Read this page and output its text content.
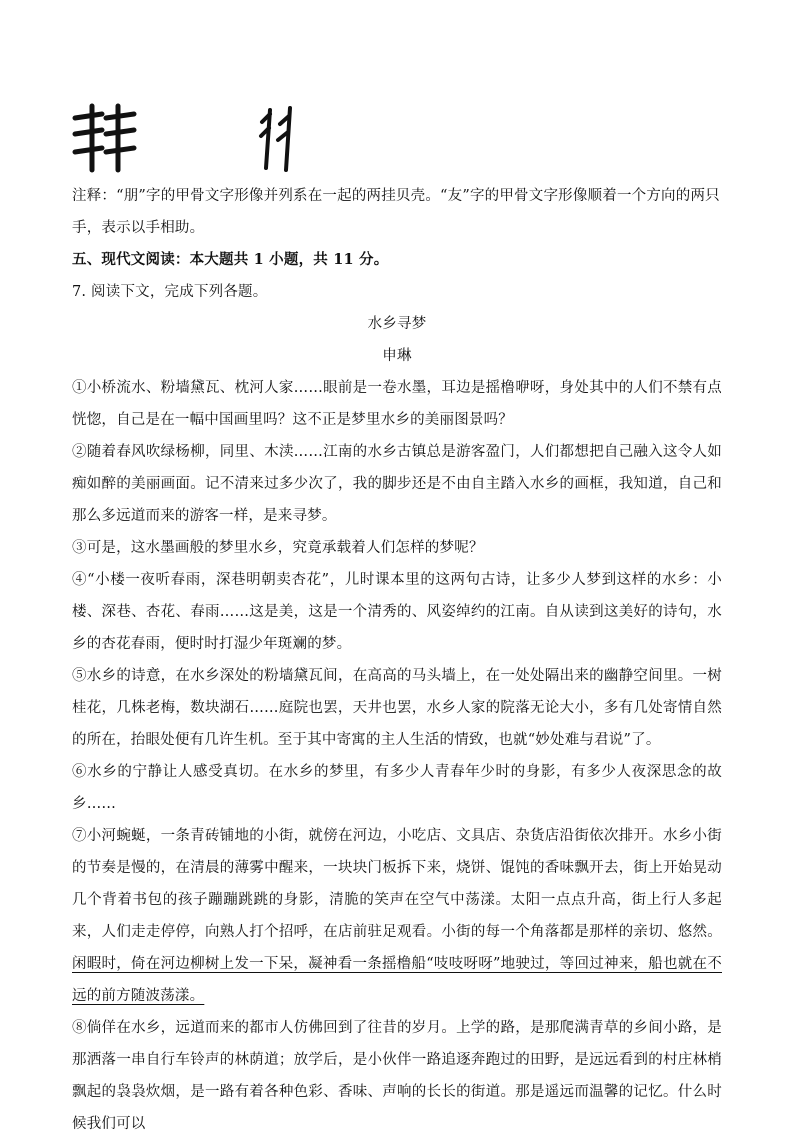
注释：“朋”字的甲骨文字形像并列系在一起的两挂贝壳。“友”字的甲骨文字形像顺着一个方向的两只
手，表示以手相助。
五、现代文阅读：本大题共 1 小题，共 11 分。
7. 阅读下文，完成下列各题。
水乡寻梦
申琳
①小桥流水、粉墙黛瓦、枕河人家……眼前是一卷水墨，耳边是摇橹咿呀，身处其中的人们不禁有点恍惚，自己是在一幅中国画里吗？这不正是梦里水乡的美丽图景吗？
②随着春风吹绿杨柳，同里、木渎……江南的水乡古镇总是游客盈门，人们都想把自己融入这令人如痴如醉的美丽画面。记不清来过多少次了，我的脚步还是不由自主踏入水乡的画框，我知道，自己和那么多远道而来的游客一样，是来寻梦。
③可是，这水墨画般的梦里水乡，究竟承载着人们怎样的梦呢？
④“小楼一夜听春雨，深巷明朝卖杏花”，儿时课本里的这两句古诗，让多少人梦到这样的水乡：小楼、深巷、杏花、春雨……这是美，这是一个清秀的、风姿绰约的江南。自从读到这美好的诗句，水乡的杏花春雨，便时时打湿少年斑斓的梦。
⑤水乡的诗意，在水乡深处的粉墙黛瓦间，在高高的马头墙上，在一处处隔出来的幽静空间里。一树桂花，几株老梅，数块湖石……庭院也罢，天井也罢，水乡人家的院落无论大小，多有几处寄情自然的所在，抬眼处便有几许生机。至于其中寄寓的主人生活的情致，也就“妙处难与君说”了。
⑥水乡的宁静让人感受真切。在水乡的梦里，有多少人青春年少时的身影，有多少人夜深思念的故乡……
⑦小河蜿蜒，一条青砖铺地的小街，就傍在河边，小吃店、文具店、杂货店沿街依次排开。水乡小街的节奏是慢的，在清晨的薄雾中醒来，一块块门板拆下来，烧饼、馄饨的香味飘开去，街上开始晃动几个背着书包的孩子蹦蹦跳跳的身影，清脆的笑声在空气中荡漾。太阳一点点升高，街上行人多起来，人们走走停停，向熟人打个招呼，在店前驻足观看。小街的每一个角落都是那样的亲切、悠然。 闲暇时，倚在河边柳树上发一下呆，凝神看一条摇橹船“吱吱呀呀”地驶过，等回过神来，船也就在不远的前方随波荡漾。
⑧倘佯在水乡，远道而来的都市人仿佛回到了往昔的岁月。上学的路，是那爬满青草的乡间小路，是那洒落一串自行车铃声的林荫道；放学后，是小伙伴一路追逐奔跑过的田野，是远远看到的村庄林梢飘起的袅袅炊烟，是一路有着各种色彩、香味、声响的长长的街道。那是遥远而温馨的记忆。什么时候我们可以
